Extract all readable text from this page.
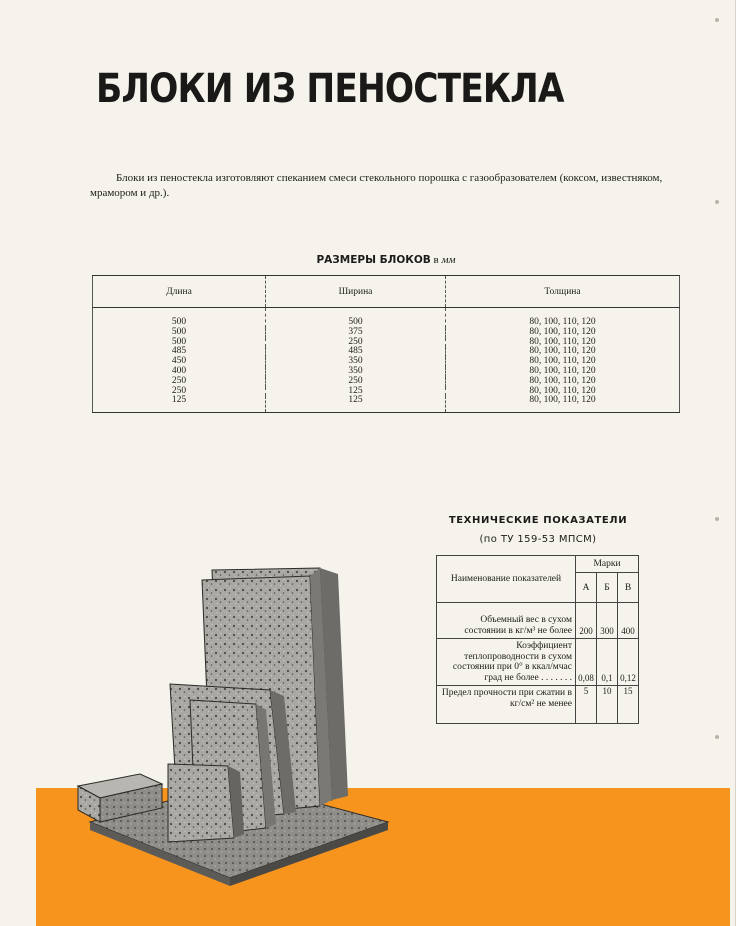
БЛОКИ ИЗ ПЕНОСТЕКЛА

Блоки из пеностекла изготовляют спеканием смеси стекольного порошка с газообразователем (коксом, известняком, мрамором и др.).

РАЗМЕРЫ БЛОКОВ в мм
Длина	Ширина	Толщина
500	500	80, 100, 110, 120
500	375	80, 100, 110, 120
500	250	80, 100, 110, 120
485	485	80, 100, 110, 120
450	350	80, 100, 110, 120
400	350	80, 100, 110, 120
250	250	80, 100, 110, 120
250	125	80, 100, 110, 120
125	125	80, 100, 110, 120
ТЕХНИЧЕСКИЕ ПОКАЗАТЕЛИ
(по ТУ 159-53 МПСМ)
Наименование показателей	Марки		
	А	Б	В
Объемный вес в сухом состоянии в кг/м³ не более	200	300	400
Коэффициент теплопроводности в сухом состоянии при 0° в ккал/мчас град не более . . . . . . .	0,08	0,1	0,12
Предел прочности при сжатии в кг/см² не менее	5	10	15
